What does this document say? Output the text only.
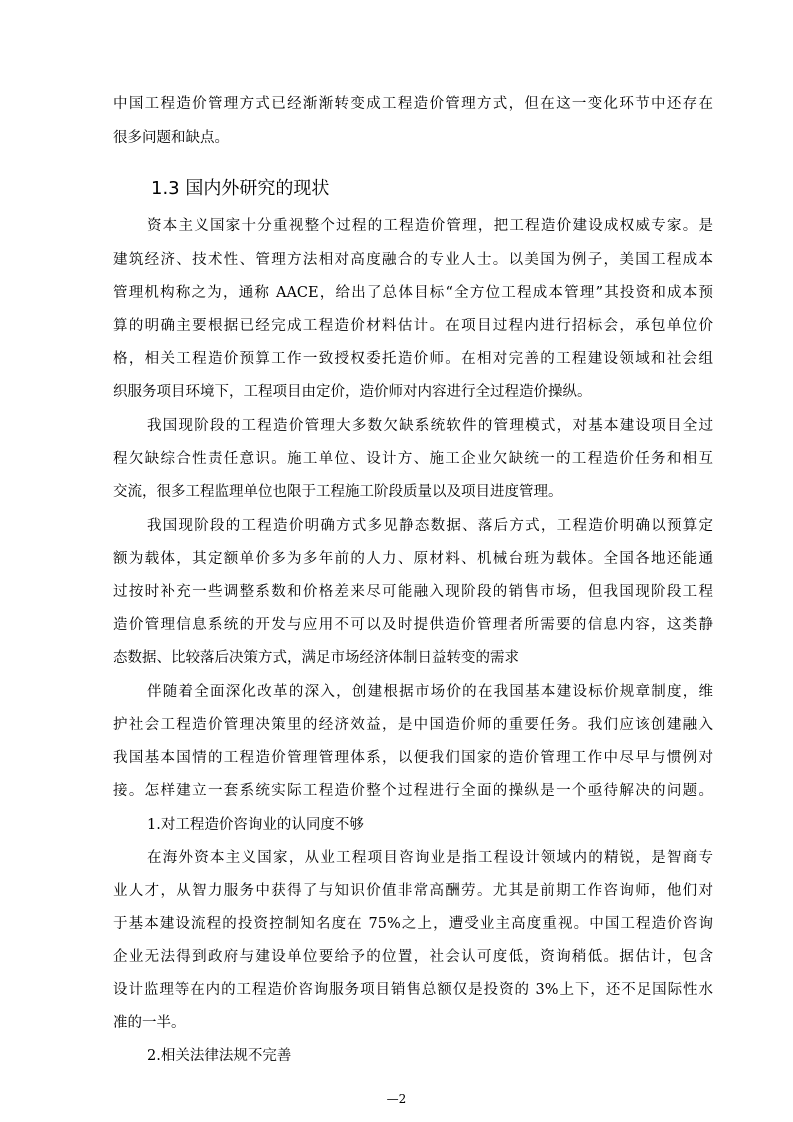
中国工程造价管理方式已经渐渐转变成工程造价管理方式，但在这一变化环节中还存在
很多问题和缺点。
1.3 国内外研究的现状
资本主义国家十分重视整个过程的工程造价管理，把工程造价建设成权威专家。是
建筑经济、技术性、管理方法相对高度融合的专业人士。以美国为例子，美国工程成本
管理机构称之为，通称 AACE，给出了总体目标“全方位工程成本管理”其投资和成本预
算的明确主要根据已经完成工程造价材料估计。在项目过程内进行招标会，承包单位价
格，相关工程造价预算工作一致授权委托造价师。在相对完善的工程建设领域和社会组
织服务项目环境下，工程项目由定价，造价师对内容进行全过程造价操纵。
我国现阶段的工程造价管理大多数欠缺系统软件的管理模式，对基本建设项目全过
程欠缺综合性责任意识。施工单位、设计方、施工企业欠缺统一的工程造价任务和相互
交流，很多工程监理单位也限于工程施工阶段质量以及项目进度管理。
我国现阶段的工程造价明确方式多见静态数据、落后方式，工程造价明确以预算定
额为载体，其定额单价多为多年前的人力、原材料、机械台班为载体。全国各地还能通
过按时补充一些调整系数和价格差来尽可能融入现阶段的销售市场，但我国现阶段工程
造价管理信息系统的开发与应用不可以及时提供造价管理者所需要的信息内容，这类静
态数据、比较落后决策方式，满足市场经济体制日益转变的需求
伴随着全面深化改革的深入，创建根据市场价的在我国基本建设标价规章制度，维
护社会工程造价管理决策里的经济效益，是中国造价师的重要任务。我们应该创建融入
我国基本国情的工程造价管理管理体系，以便我们国家的造价管理工作中尽早与惯例对
接。怎样建立一套系统实际工程造价整个过程进行全面的操纵是一个亟待解决的问题。
1.对工程造价咨询业的认同度不够
在海外资本主义国家，从业工程项目咨询业是指工程设计领域内的精锐，是智商专
业人才，从智力服务中获得了与知识价值非常高酬劳。尤其是前期工作咨询师，他们对
于基本建设流程的投资控制知名度在 75%之上，遭受业主高度重视。中国工程造价咨询
企业无法得到政府与建设单位要给予的位置，社会认可度低，资询稍低。据估计，包含
设计监理等在内的工程造价咨询服务项目销售总额仅是投资的 3%上下，还不足国际性水
准的一半。
2.相关法律法规不完善
—2
